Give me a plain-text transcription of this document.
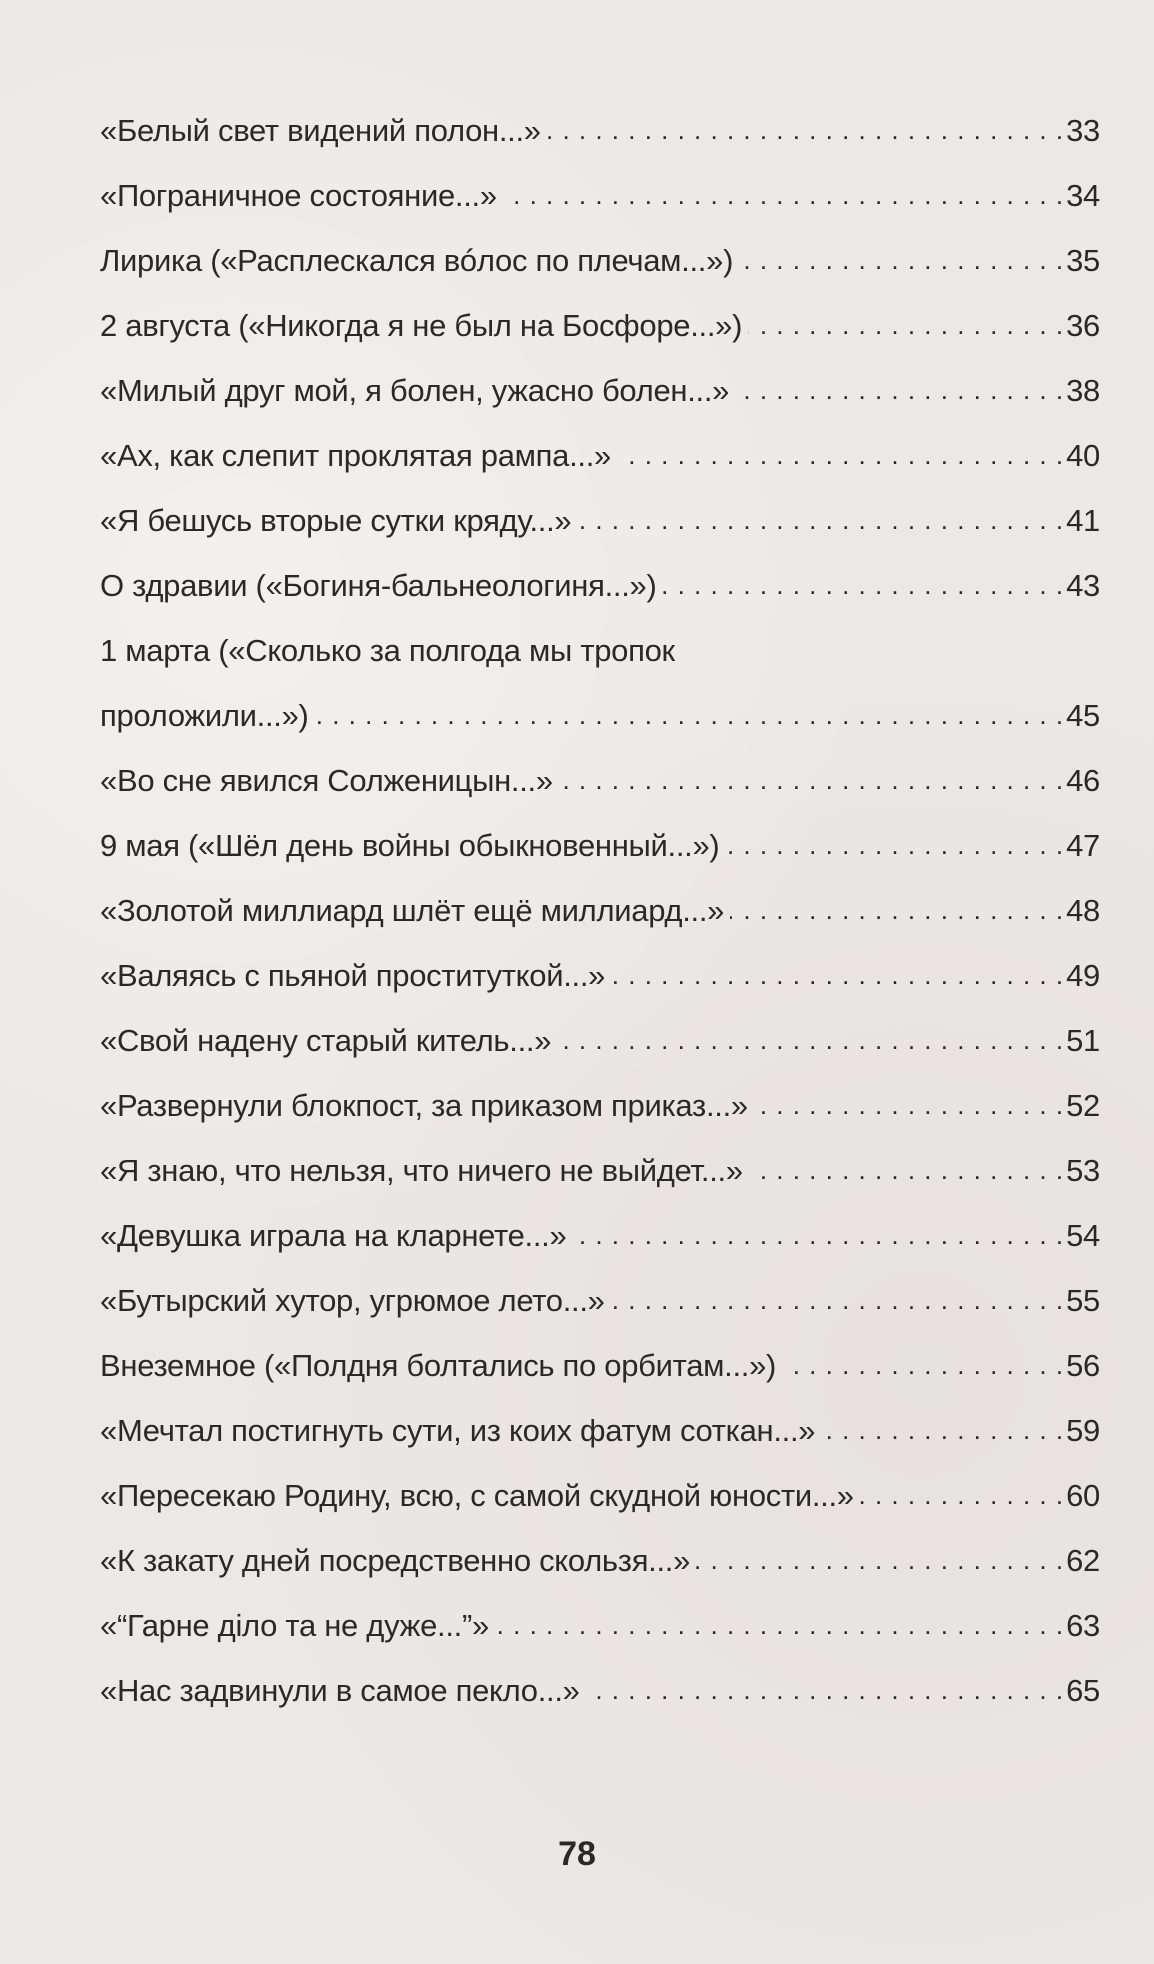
«Белый свет видений полон...» . . .	33
«Пограничное состояние...» . . .	34
Лирика («Расплескался вóлос по плечам...») . . .	35
2 августа («Никогда я не был на Босфоре...») . . .	36
«Милый друг мой, я болен, ужасно болен...» . . .	38
«Ах, как слепит проклятая рампа...» . . .	40
«Я бешусь вторые сутки кряду...» . . .	41
О здравии («Богиня-бальнеологиня...») . . .	43
1 марта («Сколько за полгода мы тропок
проложили...») . . .	45
«Во сне явился Солженицын...» . . .	46
9 мая («Шёл день войны обыкновенный...») . . .	47
«Золотой миллиард шлёт ещё миллиард...» . . .	48
«Валяясь с пьяной проституткой...» . . .	49
«Свой надену старый китель...» . . .	51
«Развернули блокпост, за приказом приказ...» . . .	52
«Я знаю, что нельзя, что ничего не выйдет...» . . .	53
«Девушка играла на кларнете...» . . .	54
«Бутырский хутор, угрюмое лето...» . . .	55
Внеземное («Полдня болтались по орбитам...») . . .	56
«Мечтал постигнуть сути, из коих фатум соткан...» . . .	59
«Пересекаю Родину, всю, с самой скудной юности...» . . .	60
«К закату дней посредственно скользя...» . . .	62
«“Гарне діло та не дуже...”» . . .	63
«Нас задвинули в самое пекло...» . . .	65
78
